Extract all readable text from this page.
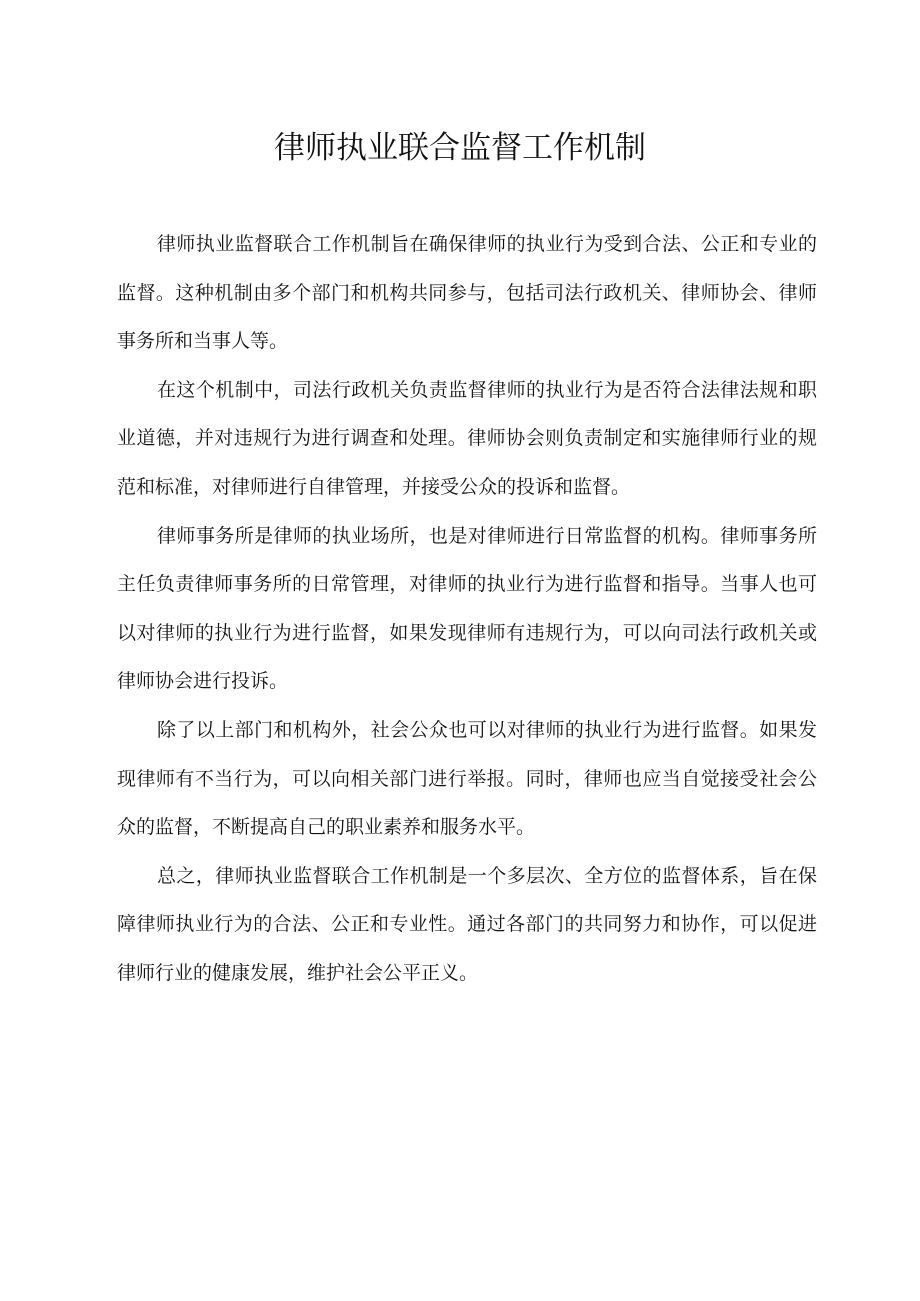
律师执业联合监督工作机制

律师执业监督联合工作机制旨在确保律师的执业行为受到合法、公正和专业的监督。这种机制由多个部门和机构共同参与，包括司法行政机关、律师协会、律师事务所和当事人等。

在这个机制中，司法行政机关负责监督律师的执业行为是否符合法律法规和职业道德，并对违规行为进行调查和处理。律师协会则负责制定和实施律师行业的规范和标准，对律师进行自律管理，并接受公众的投诉和监督。

律师事务所是律师的执业场所，也是对律师进行日常监督的机构。律师事务所主任负责律师事务所的日常管理，对律师的执业行为进行监督和指导。当事人也可以对律师的执业行为进行监督，如果发现律师有违规行为，可以向司法行政机关或律师协会进行投诉。

除了以上部门和机构外，社会公众也可以对律师的执业行为进行监督。如果发现律师有不当行为，可以向相关部门进行举报。同时，律师也应当自觉接受社会公众的监督，不断提高自己的职业素养和服务水平。

总之，律师执业监督联合工作机制是一个多层次、全方位的监督体系，旨在保障律师执业行为的合法、公正和专业性。通过各部门的共同努力和协作，可以促进律师行业的健康发展，维护社会公平正义。
